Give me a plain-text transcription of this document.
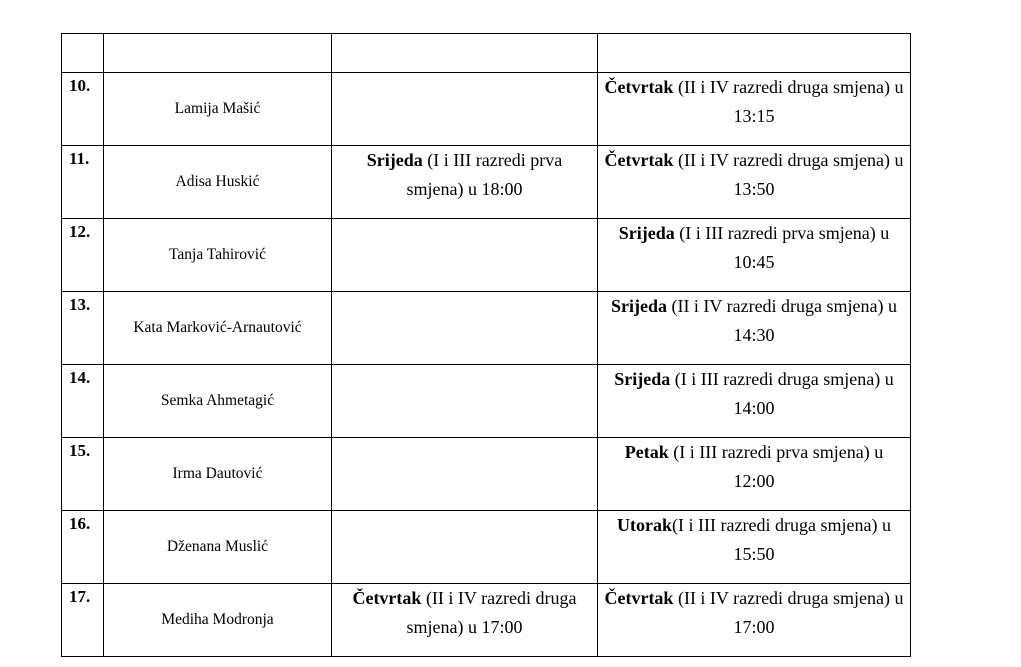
10.	Lamija Mašić		Četvrtak (II i IV razredi druga smjena) u 13:15
11.	Adisa Huskić	Srijeda (I i III razredi prva smjena) u 18:00	Četvrtak (II i IV razredi druga smjena) u 13:50
12.	Tanja Tahirović		Srijeda (I i III razredi prva smjena) u 10:45
13.	Kata Marković-Arnautović		Srijeda (II i IV razredi druga smjena) u 14:30
14.	Semka Ahmetagić		Srijeda (I i III razredi druga smjena) u 14:00
15.	Irma Dautović		Petak (I i III razredi prva smjena) u 12:00
16.	Dženana Muslić		Utorak(I i III razredi druga smjena) u 15:50
17.	Mediha Modronja	Četvrtak (II i IV razredi druga smjena) u 17:00	Četvrtak (II i IV razredi druga smjena) u 17:00
